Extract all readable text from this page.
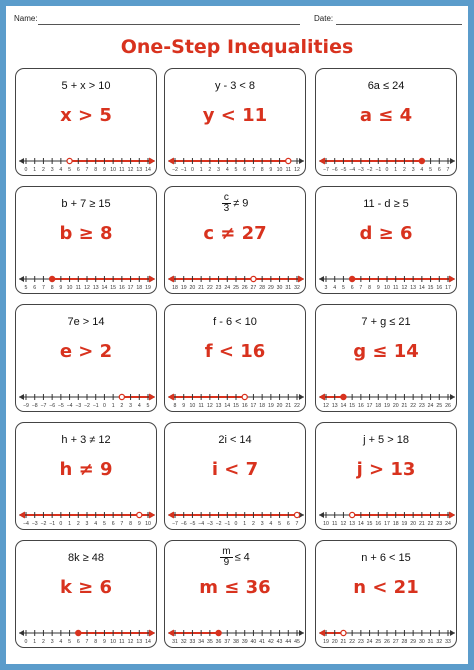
Name:	Date:
One-Step Inequalities
5 + x > 10
x > 5
0 1 2 3 4 5 6 7 8 9 10 11 12 13 14
y - 3 < 8
y < 11
−2 −1 0 1 2 3 4 5 6 7 8 9 10 11 12
6a ≤ 24
a ≤ 4
−7 −6 −5 −4 −3 −2 −1 0 1 2 3 4 5 6 7
b + 7 ≥ 15
b ≥ 8
5 6 7 8 9 10 11 12 13 14 15 16 17 18 19
$\frac{c}{3} \ne 9$
c ≠ 27
18 19 20 21 22 23 24 25 26 27 28 29 30 31 32
11 - d ≥ 5
d ≥ 6
3 4 5 6 7 8 9 10 11 12 13 14 15 16 17
7e > 14
e > 2
−9 −8 −7 −6 −5 −4 −3 −2 −1 0 1 2 3 4 5
f - 6 < 10
f < 16
8 9 10 11 12 13 14 15 16 17 18 19 20 21 22
7 + g ≤ 21
g ≤ 14
12 13 14 15 16 17 18 19 20 21 22 23 24 25 26
h + 3 ≠ 12
h ≠ 9
−4 −3 −2 −1 0 1 2 3 4 5 6 7 8 9 10
2i < 14
i < 7
−7 −6 −5 −4 −3 −2 −1 0 1 2 3 4 5 6 7
j + 5 > 18
j > 13
10 11 12 13 14 15 16 17 18 19 20 21 22 23 24
8k ≥ 48
k ≥ 6
0 1 2 3 4 5 6 7 8 9 10 11 12 13 14
$\frac{m}{9} \le 4$
m ≤ 36
31 32 33 34 35 36 37 38 39 40 41 42 43 44 45
n + 6 < 15
n < 21
19 20 21 22 23 24 25 26 27 28 29 30 31 32 33
kamiapp.com/library
